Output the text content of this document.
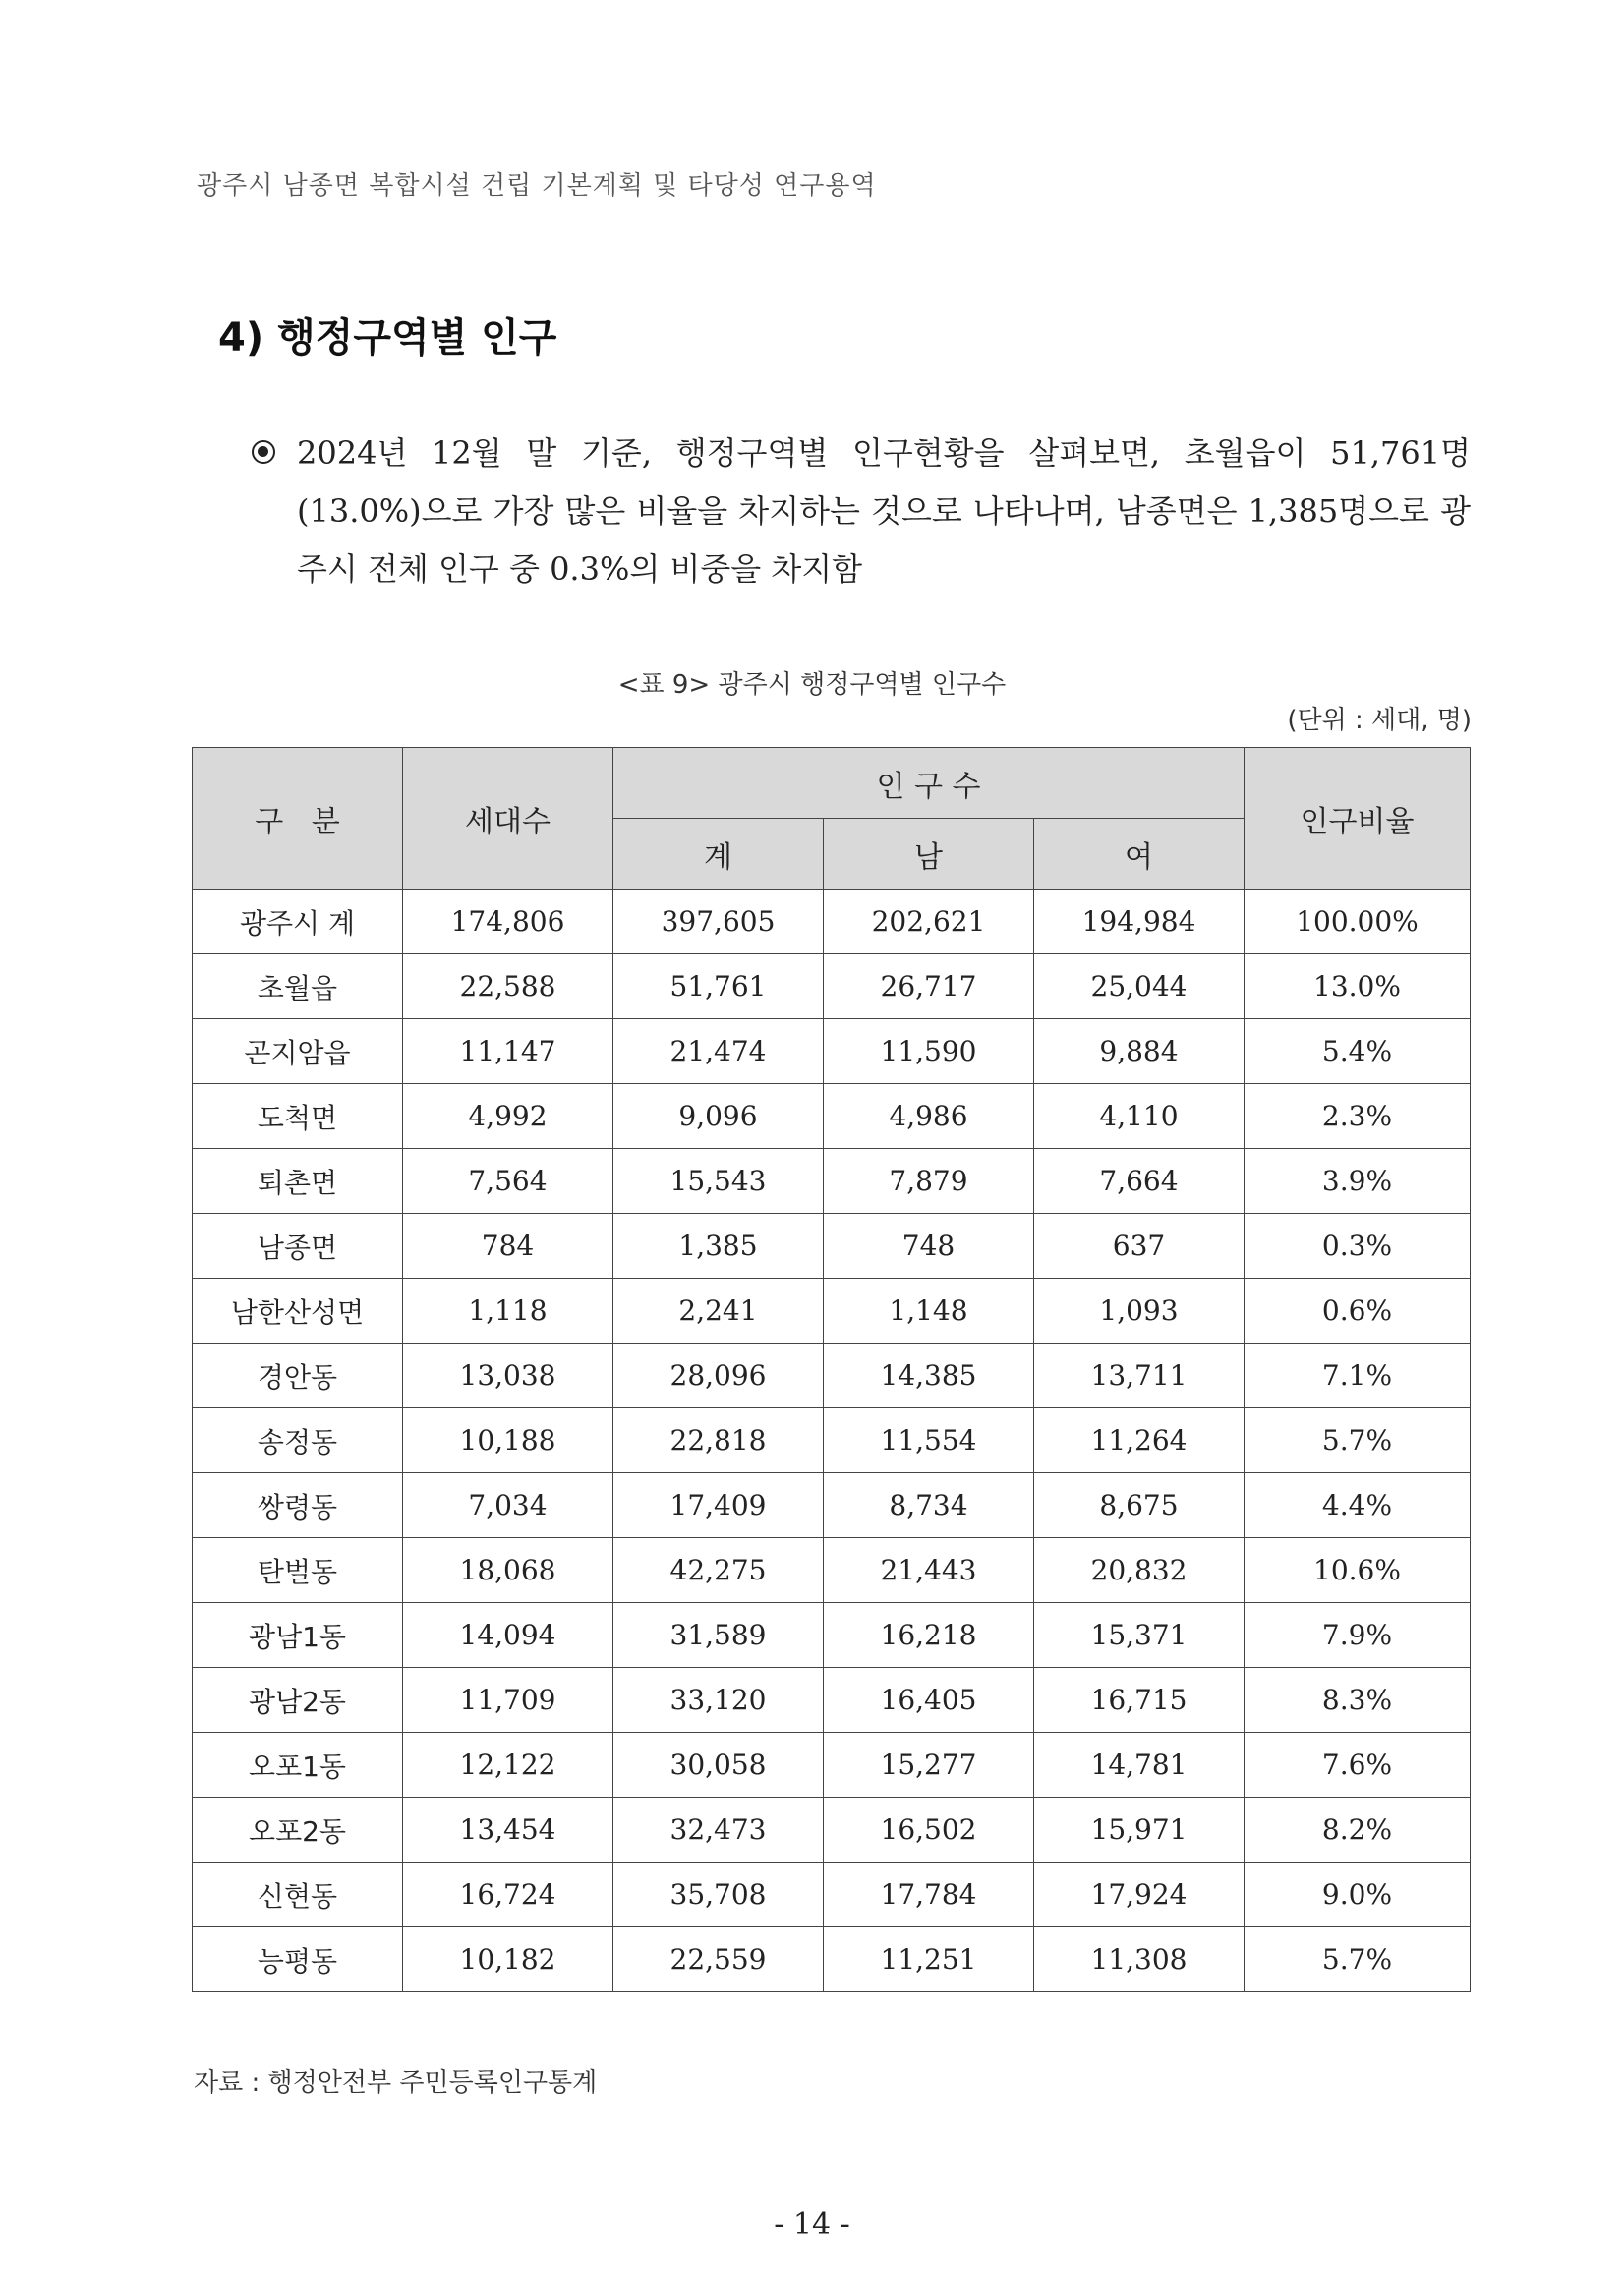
광주시 남종면 복합시설 건립 기본계획 및 타당성 연구용역
4) 행정구역별 인구
2024년 12월 말 기준, 행정구역별 인구현황을 살펴보면, 초월읍이 51,761명(13.0%)으로 가장 많은 비율을 차지하는 것으로 나타나며, 남종면은 1,385명으로 광주시 전체 인구 중 0.3%의 비중을 차지함
<표 9> 광주시 행정구역별 인구수
(단위 : 세대, 명)
구   분	세대수	인 구 수			인구비율
		계	남	여	
광주시 계	174,806	397,605	202,621	194,984	100.00%
초월읍	22,588	51,761	26,717	25,044	13.0%
곤지암읍	11,147	21,474	11,590	9,884	5.4%
도척면	4,992	9,096	4,986	4,110	2.3%
퇴촌면	7,564	15,543	7,879	7,664	3.9%
남종면	784	1,385	748	637	0.3%
남한산성면	1,118	2,241	1,148	1,093	0.6%
경안동	13,038	28,096	14,385	13,711	7.1%
송정동	10,188	22,818	11,554	11,264	5.7%
쌍령동	7,034	17,409	8,734	8,675	4.4%
탄벌동	18,068	42,275	21,443	20,832	10.6%
광남1동	14,094	31,589	16,218	15,371	7.9%
광남2동	11,709	33,120	16,405	16,715	8.3%
오포1동	12,122	30,058	15,277	14,781	7.6%
오포2동	13,454	32,473	16,502	15,971	8.2%
신현동	16,724	35,708	17,784	17,924	9.0%
능평동	10,182	22,559	11,251	11,308	5.7%
자료 : 행정안전부 주민등록인구통계
- 14 -
